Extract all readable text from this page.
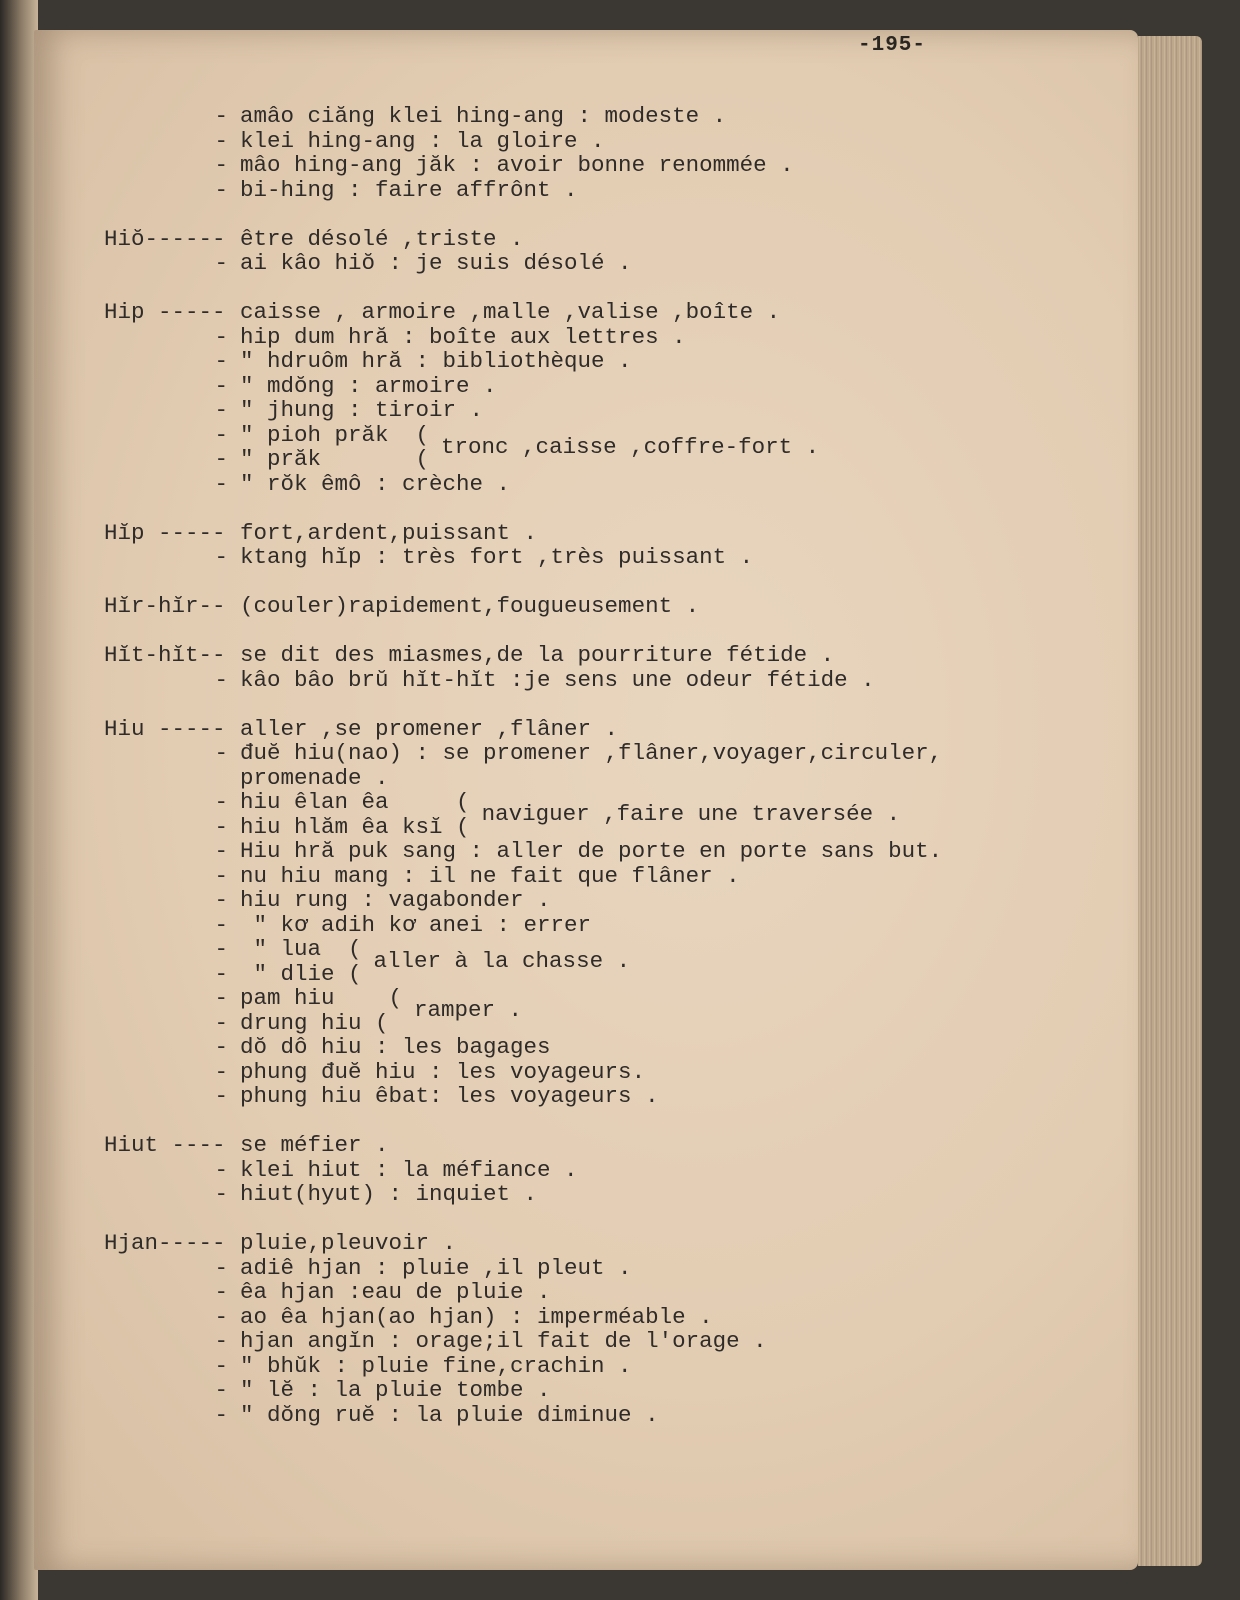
-195-
- amâo ciăng klei hing-ang : modeste .
- klei hing-ang : la gloire .
- mâo hing-ang jăk : avoir bonne renommée .
- bi-hing : faire affrônt .
Hiŏ------ être désolé ,triste .
- ai kâo hiŏ : je suis désolé .
Hip ----- caisse , armoire ,malle ,valise ,boîte .
- hip dum hră : boîte aux lettres .
- " hdruôm hră : bibliothèque .
- " mdŏng : armoire .
- " jhung : tiroir .
- " pioh prăk (
- " prăk ( tronc ,caisse ,coffre-fort .
- " rŏk êmô : crèche .
Hĭp ----- fort,ardent,puissant .
- ktang hĭp : très fort ,très puissant .
Hĭr-hĭr-- (couler)rapidement,fougueusement .
Hĭt-hĭt-- se dit des miasmes,de la pourriture fétide .
- kâo bâo brŭ hĭt-hĭt :je sens une odeur fétide .
Hiu ----- aller ,se promener ,flâner .
- đuĕ hiu(nao) : se promener ,flâner,voyager,circuler,
promenade .
- hiu êlan êa (
- hiu hlăm êa ksĭ ( naviguer ,faire une traversée .
- Hiu hră puk sang : aller de porte en porte sans but.
- nu hiu mang : il ne fait que flâner .
- hiu rung : vagabonder .
- " kơ adih kơ anei : errer
- " lua (
- " dlie ( aller à la chasse .
- pam hiu (
- drung hiu ( ramper .
- dŏ dô hiu : les bagages
- phung đuĕ hiu : les voyageurs.
- phung hiu êbat: les voyageurs .
Hiut ---- se méfier .
- klei hiut : la méfiance .
- hiut(hyut) : inquiet .
Hjan----- pluie,pleuvoir .
- adiê hjan : pluie ,il pleut .
- êa hjan :eau de pluie .
- ao êa hjan(ao hjan) : imperméable .
- hjan angĭn : orage;il fait de l'orage .
- " bhŭk : pluie fine,crachin .
- " lĕ : la pluie tombe .
- " dŏng ruĕ : la pluie diminue .
